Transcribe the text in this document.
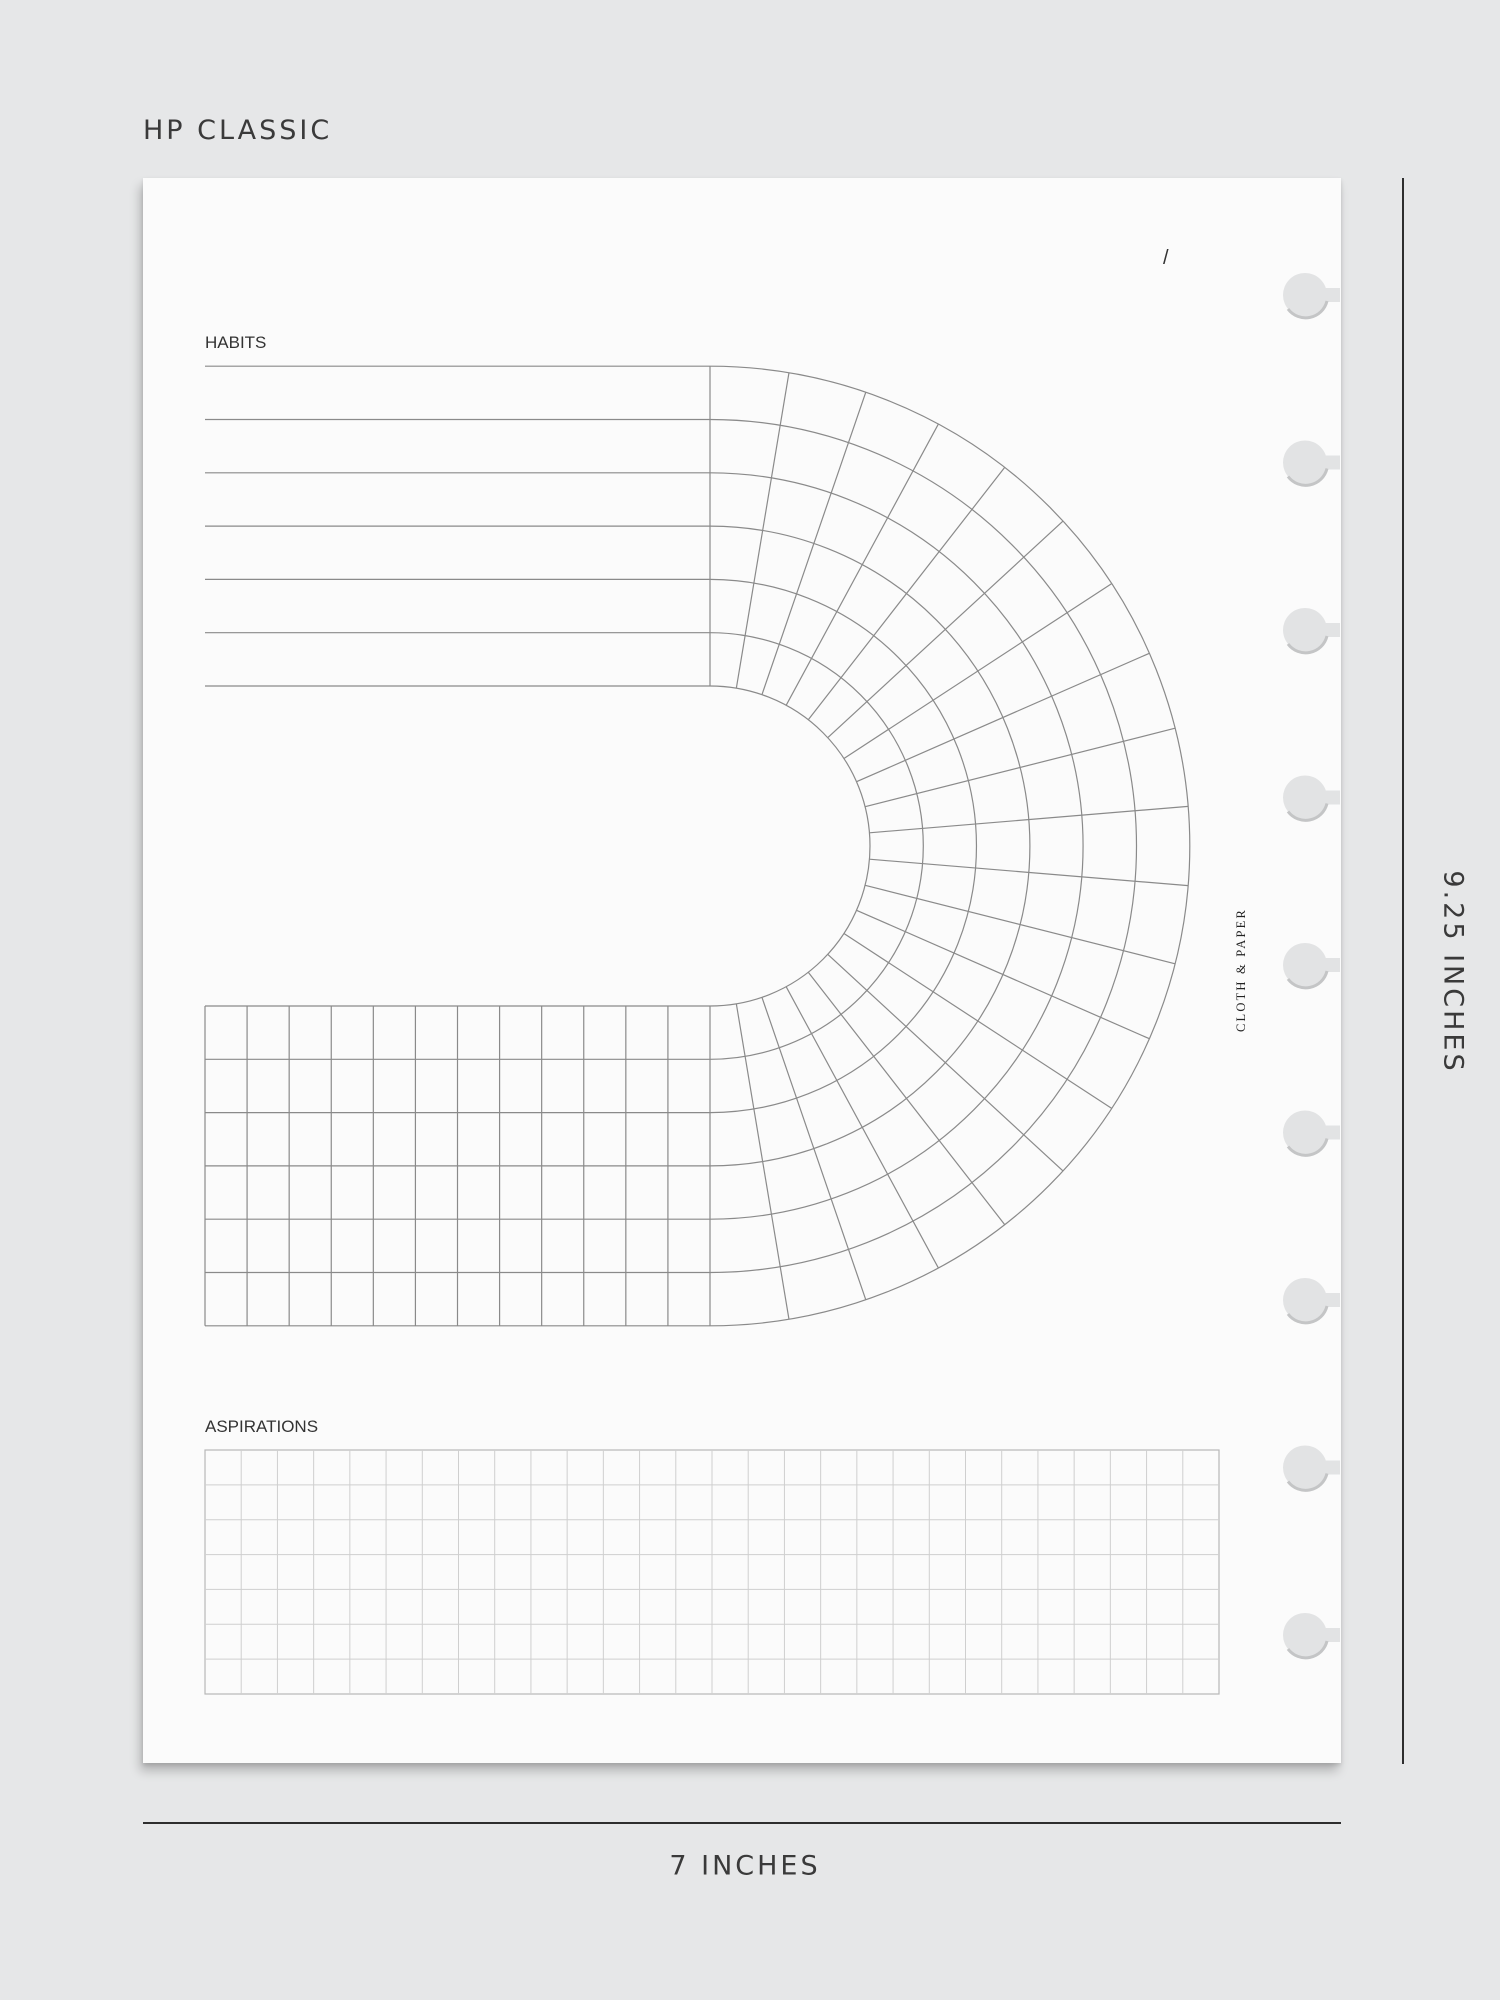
HP CLASSIC
9.25 INCHES
7 INCHES
HABITS
ASPIRATIONS
/
CLOTH & PAPER
